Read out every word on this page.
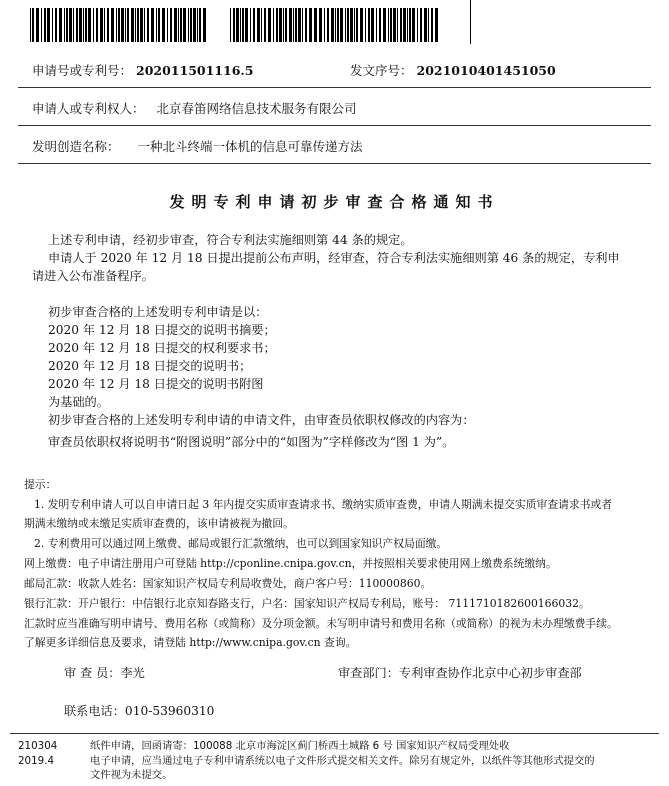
申请号或专利号： 202011501116.5	发文序号： 2021010401451050
申请人或专利权人： 北京春笛网络信息技术服务有限公司
发明创造名称： 一种北斗终端一体机的信息可靠传递方法
发明专利申请初步审查合格通知书
上述专利申请，经初步审查，符合专利法实施细则第 44 条的规定。
申请人于 2020 年 12 月 18 日提出提前公布声明，经审查，符合专利法实施细则第 46 条的规定，专利申
请进入公布准备程序。
初步审查合格的上述发明专利申请是以：
2020 年 12 月 18 日提交的说明书摘要；
2020 年 12 月 18 日提交的权利要求书；
2020 年 12 月 18 日提交的说明书；
2020 年 12 月 18 日提交的说明书附图
为基础的。
初步审查合格的上述发明专利申请的申请文件，由审查员依职权修改的内容为：
审查员依职权将说明书“附图说明”部分中的“如图为”字样修改为“图 1 为”。
提示：
1. 发明专利申请人可以自申请日起 3 年内提交实质审查请求书、缴纳实质审查费，申请人期满未提交实质审查请求书或者
期满未缴纳或未缴足实质审查费的，该申请被视为撤回。
2. 专利费用可以通过网上缴费、邮局或银行汇款缴纳，也可以到国家知识产权局面缴。
网上缴费：电子申请注册用户可登陆 http://cponline.cnipa.gov.cn，并按照相关要求使用网上缴费系统缴纳。
邮局汇款：收款人姓名：国家知识产权局专利局收费处，商户客户号：110000860。
银行汇款：开户银行：中信银行北京知春路支行，户名：国家知识产权局专利局，账号： 7111710182600166032。
汇款时应当准确写明申请号、费用名称（或简称）及分项金额。未写明申请号和费用名称（或简称）的视为未办理缴费手续。
了解更多详细信息及要求，请登陆 http://www.cnipa.gov.cn 查询。
审 查 员：李光	审查部门：专利审查协作北京中心初步审查部
联系电话：010-53960310
210304
2019.4
纸件申请，回函请寄：100088 北京市海淀区蓟门桥西土城路 6 号 国家知识产权局受理处收
电子申请，应当通过电子专利申请系统以电子文件形式提交相关文件。除另有规定外，以纸件等其他形式提交的
文件视为未提交。
